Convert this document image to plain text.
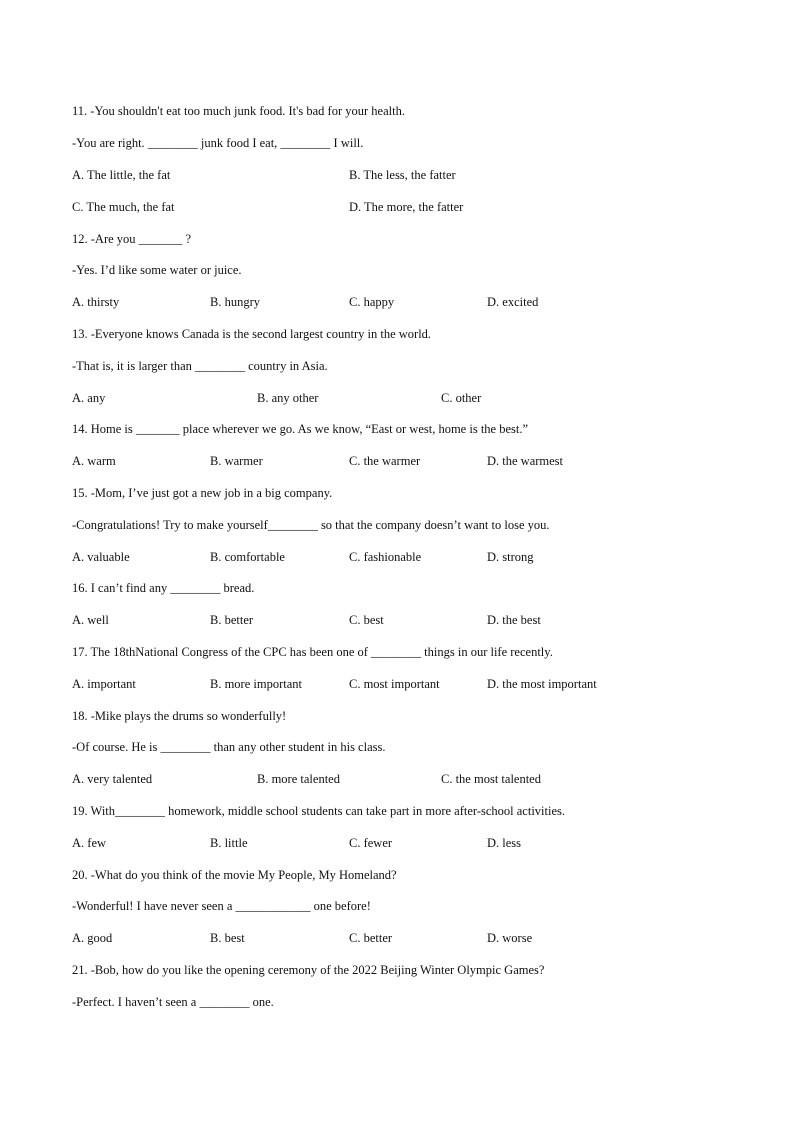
11. -You shouldn't eat too much junk food. It's bad for your health.
-You are right. ________ junk food I eat, ________ I will.
A. The little, the fat	B. The less, the fatter
C. The much, the fat	D. The more, the fatter
12. -Are you _______ ?
-Yes. I’d like some water or juice.
A. thirsty	B. hungry	C. happy	D. excited
13. -Everyone knows Canada is the second largest country in the world.
-That is, it is larger than ________ country in Asia.
A. any	B. any other	C. other
14. Home is _______ place wherever we go. As we know, “East or west, home is the best.”
A. warm	B. warmer	C. the warmer	D. the warmest
15. -Mom, I’ve just got a new job in a big company.
-Congratulations! Try to make yourself________ so that the company doesn’t want to lose you.
A. valuable	B. comfortable	C. fashionable	D. strong
16. I can’t find any ________ bread.
A. well	B. better	C. best	D. the best
17. The 18thNational Congress of the CPC has been one of ________ things in our life recently.
A. important	B. more important	C. most important	D. the most important
18. -Mike plays the drums so wonderfully!
-Of course. He is ________ than any other student in his class.
A. very talented	B. more talented	C. the most talented
19. With________ homework, middle school students can take part in more after-school activities.
A. few	B. little	C. fewer	D. less
20. -What do you think of the movie My People, My Homeland?
-Wonderful! I have never seen a ____________ one before!
A. good	B. best	C. better	D. worse
21. -Bob, how do you like the opening ceremony of the 2022 Beijing Winter Olympic Games?
-Perfect. I haven’t seen a ________ one.
